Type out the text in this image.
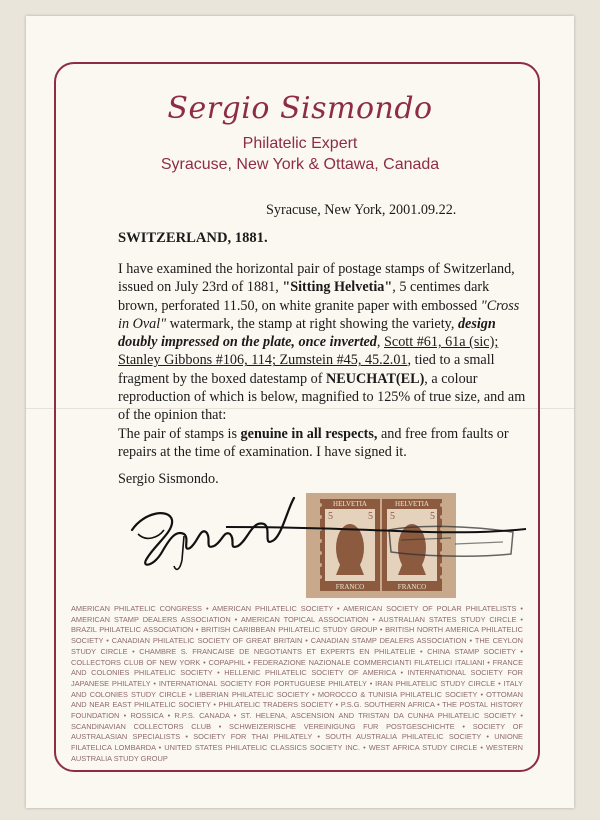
Sergio Sismondo
Philatelic Expert
Syracuse, New York & Ottawa, Canada
Syracuse, New York, 2001.09.22.
SWITZERLAND, 1881.
I have examined the horizontal pair of postage stamps of Switzerland, issued on July 23rd of 1881, "Sitting Helvetia", 5 centimes dark brown, perforated 11.50, on white granite paper with embossed "Cross in Oval" watermark, the stamp at right showing the variety, design doubly impressed on the plate, once inverted, Scott #61, 61a (sic); Stanley Gibbons #106, 114; Zumstein #45, 45.2.01, tied to a small fragment by the boxed datestamp of NEUCHAT(EL), a colour reproduction of which is below, magnified to 125% of true size, and am of the opinion that:
The pair of stamps is genuine in all respects, and free from faults or repairs at the time of examination. I have signed it.
Sergio Sismondo.
HELVETIA	HELVETIA
FRANCO	FRANCO
5	5 5	5
AMERICAN PHILATELIC CONGRESS • AMERICAN PHILATELIC SOCIETY • AMERICAN SOCIETY OF POLAR PHILATELISTS • AMERICAN STAMP DEALERS ASSOCIATION • AMERICAN TOPICAL ASSOCIATION • AUSTRALIAN STATES STUDY CIRCLE • BRAZIL PHILATELIC ASSOCIATION • BRITISH CARIBBEAN PHILATELIC STUDY GROUP • BRITISH NORTH AMERICA PHILATELIC SOCIETY • CANADIAN PHILATELIC SOCIETY OF GREAT BRITAIN • CANADIAN STAMP DEALERS ASSOCIATION • THE CEYLON STUDY CIRCLE • CHAMBRE S. FRANCAISE DE NEGOTIANTS ET EXPERTS EN PHILATELIE • CHINA STAMP SOCIETY • COLLECTORS CLUB OF NEW YORK • COPAPHIL • FEDERAZIONE NAZIONALE COMMERCIANTI FILATELICI ITALIANI • FRANCE AND COLONIES PHILATELIC SOCIETY • HELLENIC PHILATELIC SOCIETY OF AMERICA • INTERNATIONAL SOCIETY FOR JAPANESE PHILATELY • INTERNATIONAL SOCIETY FOR PORTUGUESE PHILATELY • IRAN PHILATELIC STUDY CIRCLE • ITALY AND COLONIES STUDY CIRCLE • LIBERIAN PHILATELIC SOCIETY • MOROCCO & TUNISIA PHILATELIC SOCIETY • OTTOMAN AND NEAR EAST PHILATELIC SOCIETY • PHILATELIC TRADERS SOCIETY • P.S.G. SOUTHERN AFRICA • THE POSTAL HISTORY FOUNDATION • ROSSICA • R.P.S. CANADA • ST. HELENA, ASCENSION AND TRISTAN DA CUNHA PHILATELIC SOCIETY • SCANDINAVIAN COLLECTORS CLUB • SCHWEIZERISCHE VEREINIGUNG FUR POSTGESCHICHTE • SOCIETY OF AUSTRALASIAN SPECIALISTS • SOCIETY FOR THAI PHILATELY • SOUTH AUSTRALIA PHILATELIC SOCIETY • UNIONE FILATELICA LOMBARDA • UNITED STATES PHILATELIC CLASSICS SOCIETY INC. • WEST AFRICA STUDY CIRCLE • WESTERN AUSTRALIA STUDY GROUP
